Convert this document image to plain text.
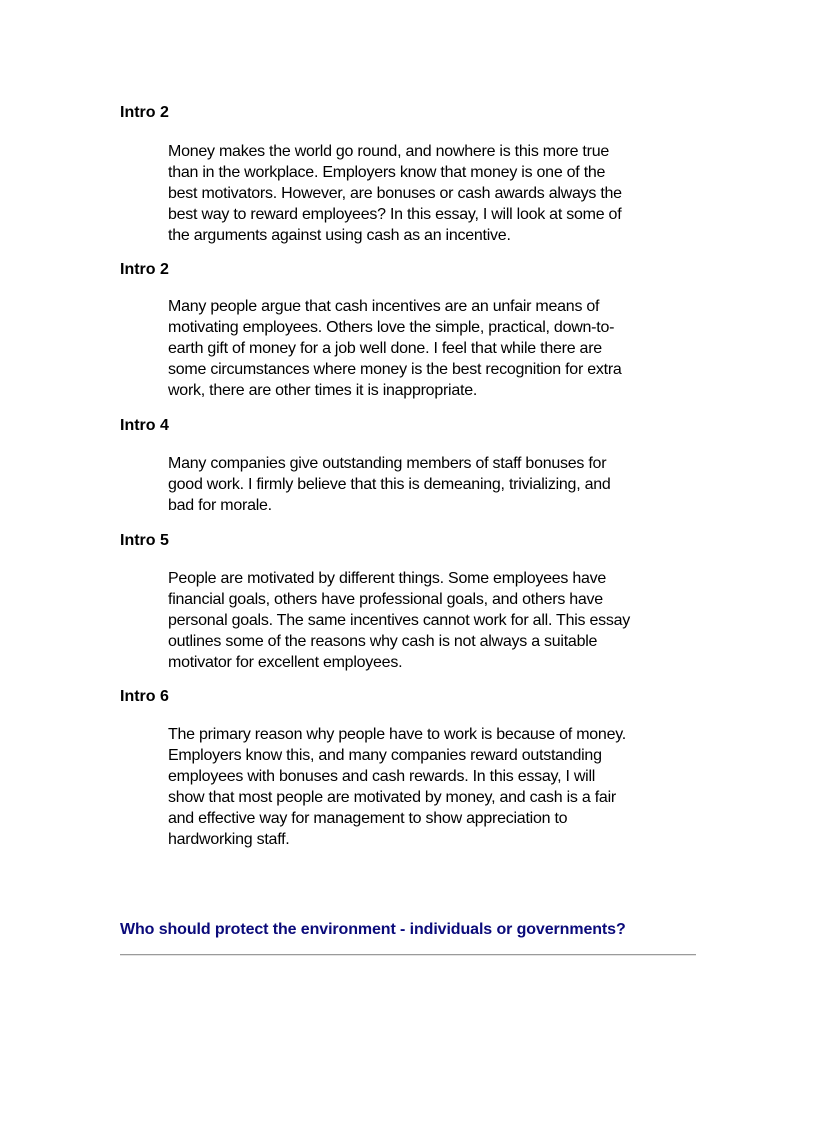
Intro 2

Money makes the world go round, and nowhere is this more true
than in the workplace. Employers know that money is one of the
best motivators. However, are bonuses or cash awards always the
best way to reward employees? In this essay, I will look at some of
the arguments against using cash as an incentive.

Intro 2

Many people argue that cash incentives are an unfair means of
motivating employees. Others love the simple, practical, down-to-
earth gift of money for a job well done. I feel that while there are
some circumstances where money is the best recognition for extra
work, there are other times it is inappropriate.

Intro 4

Many companies give outstanding members of staff bonuses for
good work. I firmly believe that this is demeaning, trivializing, and
bad for morale.

Intro 5

People are motivated by different things. Some employees have
financial goals, others have professional goals, and others have
personal goals. The same incentives cannot work for all. This essay
outlines some of the reasons why cash is not always a suitable
motivator for excellent employees.

Intro 6

The primary reason why people have to work is because of money.
Employers know this, and many companies reward outstanding
employees with bonuses and cash rewards. In this essay, I will
show that most people are motivated by money, and cash is a fair
and effective way for management to show appreciation to
hardworking staff.

Who should protect the environment - individuals or governments?
